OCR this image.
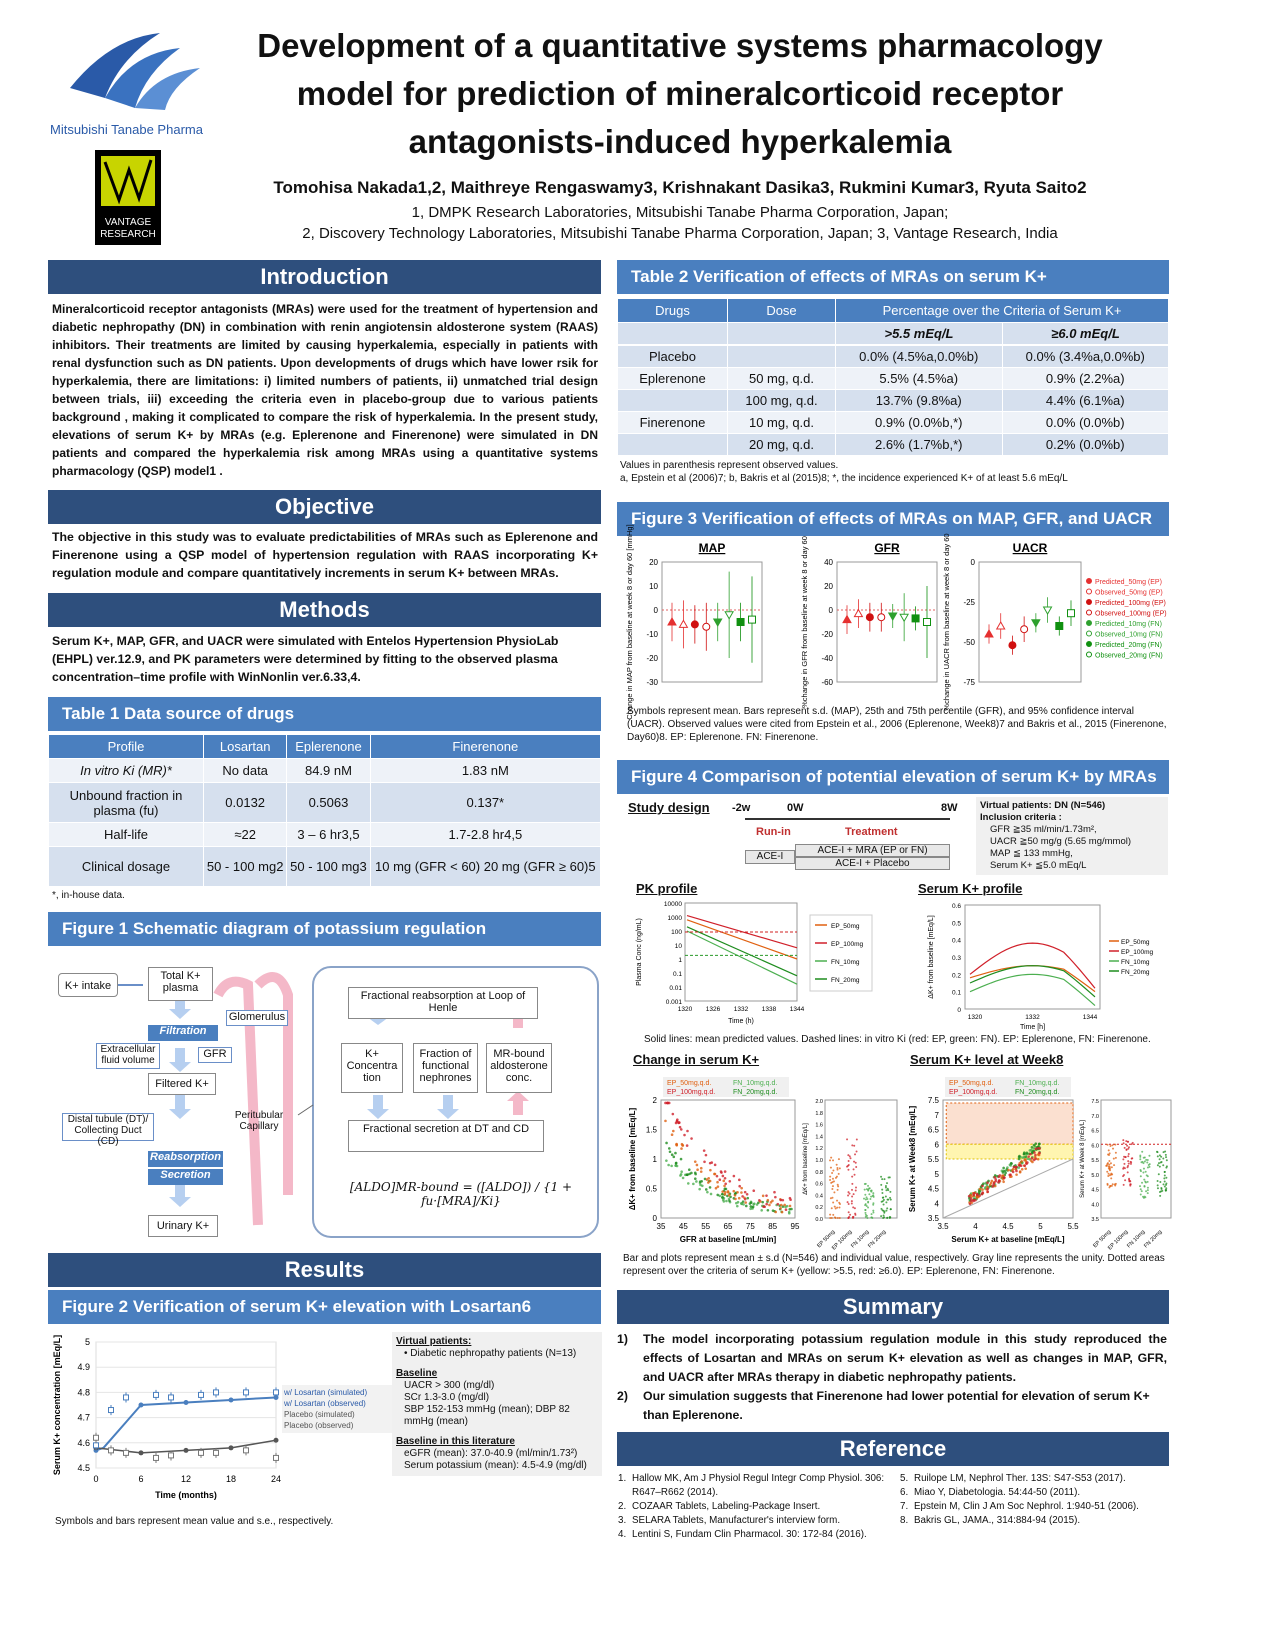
Mitsubishi Tanabe Pharma
VANTAGE
RESEARCH
Development of a quantitative systems pharmacology
model for prediction of mineralcorticoid receptor
antagonists-induced hyperkalemia
Tomohisa Nakada1,2, Maithreye Rengaswamy3, Krishnakant Dasika3, Rukmini Kumar3, Ryuta Saito2
1, DMPK Research Laboratories, Mitsubishi Tanabe Pharma Corporation, Japan;
2, Discovery Technology Laboratories, Mitsubishi Tanabe Pharma Corporation, Japan; 3, Vantage Research, India
Introduction
Mineralcorticoid receptor antagonists (MRAs) were used for the treatment of hypertension and diabetic nephropathy (DN) in combination with renin angiotensin aldosterone system (RAAS) inhibitors. Their treatments are limited by causing hyperkalemia, especially in patients with renal dysfunction such as DN patients. Upon developments of drugs which have lower rsik for hyperkalemia, there are limitations: i) limited numbers of patients, ii) unmatched trial design between trials, iii) exceeding the criteria even in placebo-group due to various patients background , making it complicated to compare the risk of hyperkalemia. In the present study, elevations of serum K+ by MRAs (e.g. Eplerenone and Finerenone) were simulated in DN patients and compared the hyperkalemia risk among MRAs using a quantitative systems pharmacology (QSP) model1 .
Objective
The objective in this study was to evaluate predictabilities of MRAs such as Eplerenone and Finerenone using a QSP model of hypertension regulation with RAAS incorporating K+ regulation module and compare quantitatively increments in serum K+ between MRAs.
Methods
Serum K+, MAP, GFR, and UACR were simulated with Entelos Hypertension PhysioLab (EHPL) ver.12.9, and PK parameters were determined by fitting to the observed plasma concentration–time profile with WinNonlin ver.6.33,4.
Table 1 Data source of drugs
Profile	Losartan	Eplerenone	Finerenone
In vitro Ki (MR)*	No data	84.9 nM	1.83 nM
Unbound fraction in plasma (fu)	0.0132	0.5063	0.137*
Half-life	≈22	3 – 6 hr3,5	1.7-2.8 hr4,5
Clinical dosage	50 - 100 mg2	50 - 100 mg3	10 mg (GFR < 60) 20 mg (GFR ≥ 60)5
*, in-house data.
Figure 1 Schematic diagram of potassium regulation
K+ intake
Total K+ plasma
Filtration
Glomerulus
Extracellular fluid volume
GFR
Filtered K+
Distal tubule (DT)/ Collecting Duct (CD)
Peritubular Capillary
Reabsorption
Secretion
Urinary K+
Fractional reabsorption at Loop of Henle
K+ Concentra tion
Fraction of functional nephrones
MR-bound aldosterone conc.
Fractional secretion at DT and CD
[ALDO]MR-bound = ([ALDO]) / {1 + fu·[MRA]/Ki}
Results
Figure 2 Verification of serum K+ elevation with Losartan6
5
4.9
4.8
4.7
4.6
4.5
0	6	12	18	24
Time (months)
Serum K+ concentration [mEq/L]	w/ Losartan (simulated)
w/ Losartan (observed)
Placebo (simulated)
Placebo (observed)
Virtual patients:
• Diabetic nephropathy patients (N=13)
Baseline
UACR > 300 (mg/dl)
SCr 1.3-3.0 (mg/dl)
SBP 152-153 mmHg (mean); DBP 82 mmHg (mean)
Baseline in this literature
eGFR (mean): 37.0-40.9 (ml/min/1.73²)
Serum potassium (mean): 4.5-4.9 (mg/dl)
Symbols and bars represent mean value and s.e., respectively.
Table 2 Verification of effects of MRAs on serum K+
Drugs	Dose	Percentage over the Criteria of Serum K+	
		>5.5 mEq/L	≥6.0 mEq/L
Placebo		0.0% (4.5%a,0.0%b)	0.0% (3.4%a,0.0%b)
Eplerenone	50 mg, q.d.	5.5% (4.5%a)	0.9% (2.2%a)
	100 mg, q.d.	13.7% (9.8%a)	4.4% (6.1%a)
Finerenone	10 mg, q.d.	0.9% (0.0%b,*)	0.0% (0.0%b)
	20 mg, q.d.	2.6% (1.7%b,*)	0.2% (0.0%b)
Values in parenthesis represent observed values.
a, Epstein et al (2006)7; b, Bakris et al (2015)8; *, the incidence experienced K+ of at least 5.6 mEq/L
Figure 3 Verification of effects of MRAs on MAP, GFR, and UACR
MAP
20
10
0
-10
-20
-30
Change in MAP from baseline at week 8 or day 60 [mmHg]	GFR
40
20
0
-20
-40
-60
%change in GFR from baseline at week 8 or day 60	UACR
0
-25
-50
-75
%change in UACR from baseline at week 8 or day 60	Predicted_50mg (EP)
Observed_50mg (EP)
Predicted_100mg (EP)
Observed_100mg (EP)
Predicted_10mg (FN)
Observed_10mg (FN)
Predicted_20mg (FN)
Observed_20mg (FN)
Symbols represent mean. Bars represent s.d. (MAP), 25th and 75th percentile (GFR), and 95% confidence interval (UACR). Observed values were cited from Epstein et al., 2006 (Eplerenone, Week8)7 and Bakris et al., 2015 (Finerenone, Day60)8. EP: Eplerenone. FN: Finerenone.
Figure 4 Comparison of potential elevation of serum K+ by MRAs
Study design -2w	0W	8W
Run-in	Treatment
ACE-I
ACE-I + MRA (EP or FN)
ACE-I + Placebo
Virtual patients: DN (N=546)
Inclusion criteria :
GFR ≧35 ml/min/1.73m²,
UACR ≧50 mg/g (5.65 mg/mmol)
MAP ≦ 133 mmHg,
Serum K+ ≦5.0 mEq/L
PK profile	Serum K+ profile
10000
1000
100
10
1
0.1
0.01
0.001
1320 1326 1332 1338 1344
Time (h)
Plasma Conc (ng/mL)	EP_50mg
EP_100mg
FN_10mg
FN_20mg
0.6
0.5
0.4
0.3
0.2
0.1
0
1320	1332	1344
Time [h]
ΔK+ from baseline [mEq/L]	EP_50mg
EP_100mg
FN_10mg
FN_20mg
Solid lines: mean predicted values. Dashed lines: in vitro Ki (red: EP, green: FN). EP: Eplerenone, FN: Finerenone.
Change in serum K+	Serum K+ level at Week8
2
1.5
1
0.5
0
35 45 55 65 75 85 95
GFR at baseline [mL/min]
ΔK+ from baseline [mEq/L]
EP_50mg,q.d.	FN_10mg,q.d.
EP_100mg,q.d.	FN_20mg,q.d.
2.0
1.8
1.6
1.4
1.2
1.0
0.8
0.6
0.4
0.2
0.0
ΔK+ from baseline [mEq/L]
EP 50mg
EP 100mg
FN 10mg
FN 20mg
7.5
7
6.5
6
5.5
5
4.5
4
3.5
3.5	4	4.5	5	5.5
Serum K+ at baseline [mEq/L]
Serum K+ at Week8 [mEq/L]
EP_50mg,q.d.	FN_10mg,q.d.
EP_100mg,q.d.	FN_20mg,q.d.
7.5
7.0
6.5
6.0
5.5
5.0
4.5
4.0
3.5
Serum K+ at Week 8 [mEq/L]
EP 50mg
EP 100mg
FN 10mg
FN 20mg
Bar and plots represent mean ± s.d (N=546) and individual value, respectively. Gray line represents the unity. Dotted areas represent over the criteria of serum K+ (yellow: >5.5, red: ≥6.0). EP: Eplerenone, FN: Finerenone.
Summary
1)	The model incorporating potassium regulation module in this study reproduced the effects of Losartan and MRAs on serum K+ elevation as well as changes in MAP, GFR, and UACR after MRAs therapy in diabetic nephropathy patients.
2)	Our simulation suggests that Finerenone had lower potential for elevation of serum K+ than Eplerenone.
Reference
1. Hallow MK, Am J Physiol Regul Integr Comp Physiol. 306: R647–R662 (2014).
2. COZAAR Tablets, Labeling-Package Insert.
3. SELARA Tablets, Manufacturer's interview form.
4. Lentini S, Fundam Clin Pharmacol. 30: 172-84 (2016).
5. Ruilope LM, Nephrol Ther. 13S: S47-S53 (2017).
6. Miao Y, Diabetologia. 54:44-50 (2011).
7. Epstein M, Clin J Am Soc Nephrol. 1:940-51 (2006).
8. Bakris GL, JAMA., 314:884-94 (2015).
